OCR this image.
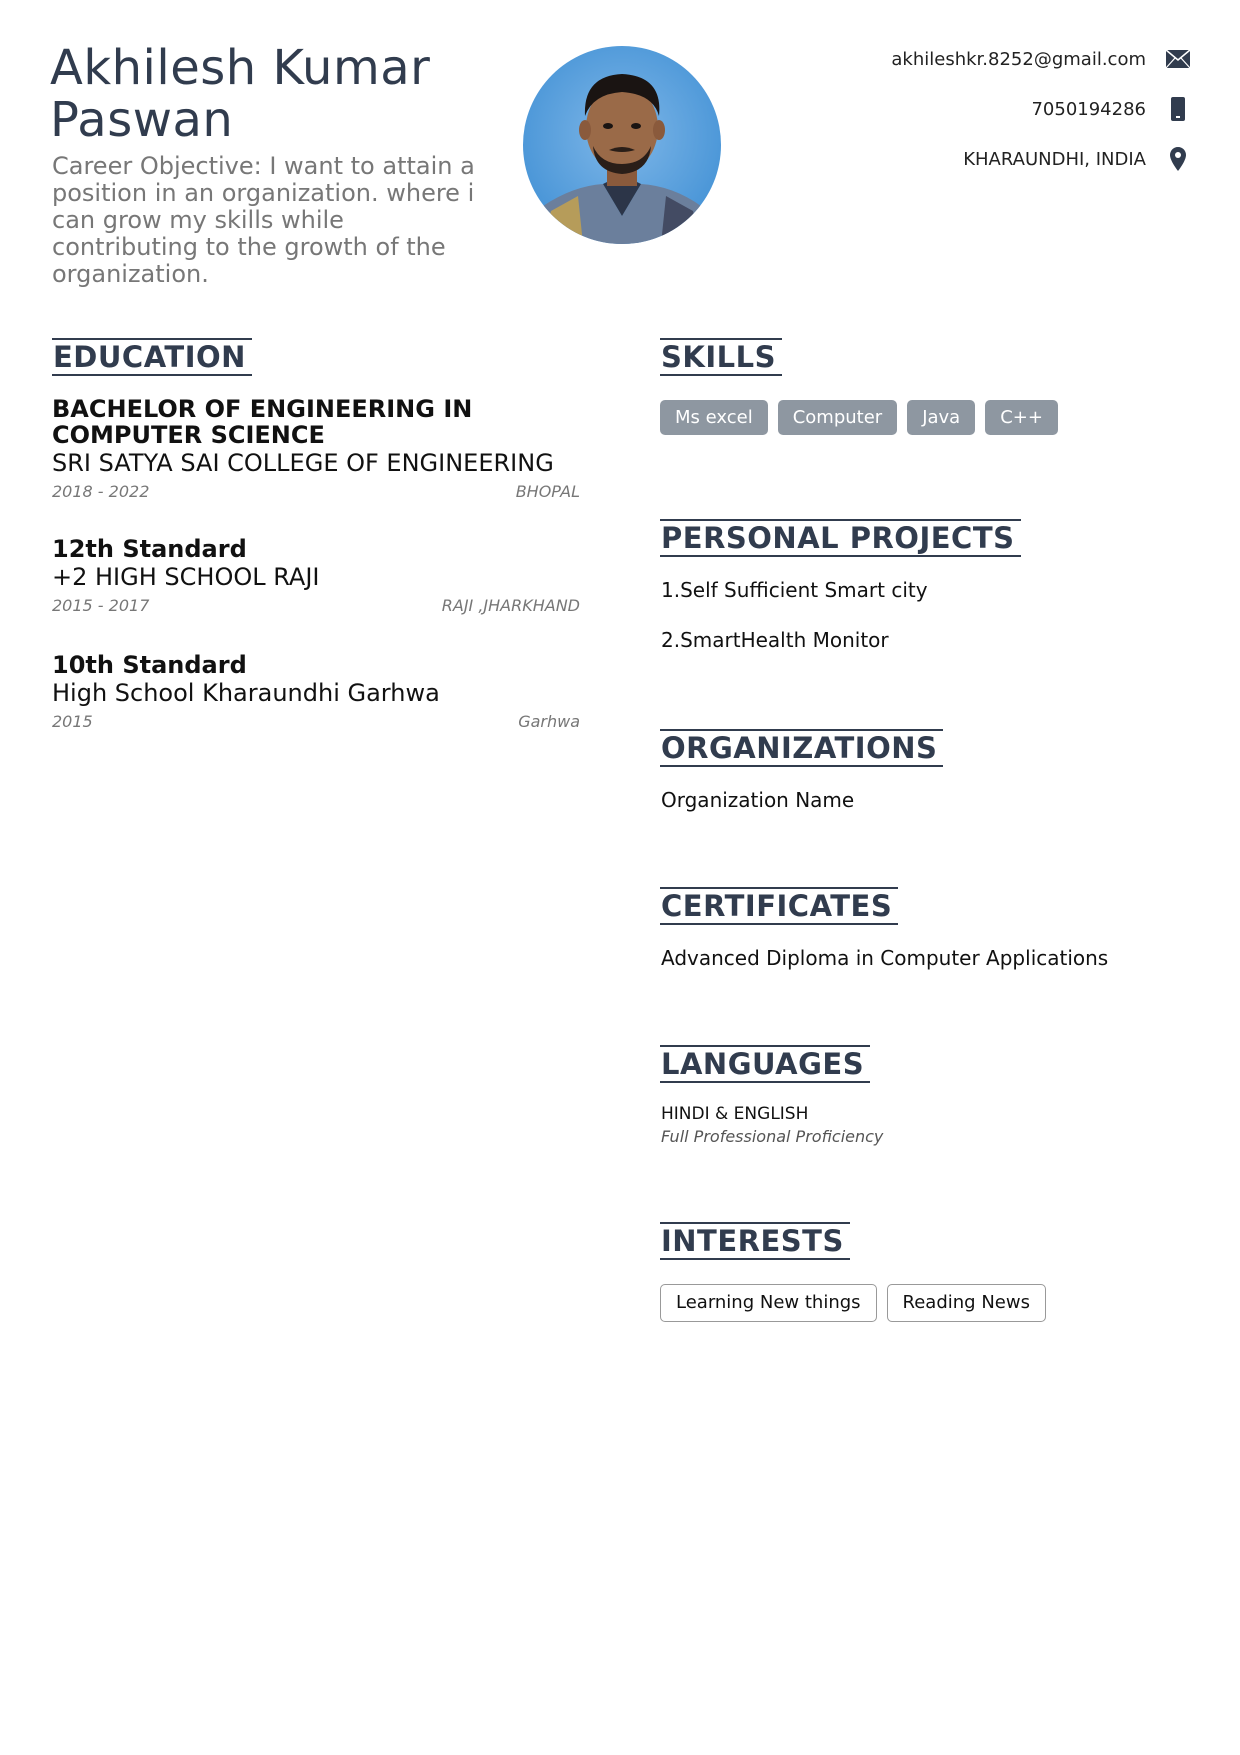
Akhilesh Kumar Paswan

Career Objective: I want to attain a position in an organization. where i can grow my skills while contributing to the growth of the organization.

akhileshkr.8252@gmail.com
7050194286
KHARAUNDHI, INDIA
EDUCATION
BACHELOR OF ENGINEERING IN COMPUTER SCIENCE
SRI SATYA SAI COLLEGE OF ENGINEERING
2018 - 2022	BHOPAL
12th Standard
+2 HIGH SCHOOL RAJI
2015 - 2017	RAJI ,JHARKHAND
10th Standard
High School Kharaundhi Garhwa
2015	Garhwa
SKILLS
Ms excel	Computer	Java	C++
PERSONAL PROJECTS
1.Self Sufficient Smart city
2.SmartHealth Monitor
ORGANIZATIONS
Organization Name
CERTIFICATES
Advanced Diploma in Computer Applications
LANGUAGES
HINDI & ENGLISH
Full Professional Proficiency
INTERESTS
Learning New things	Reading News
